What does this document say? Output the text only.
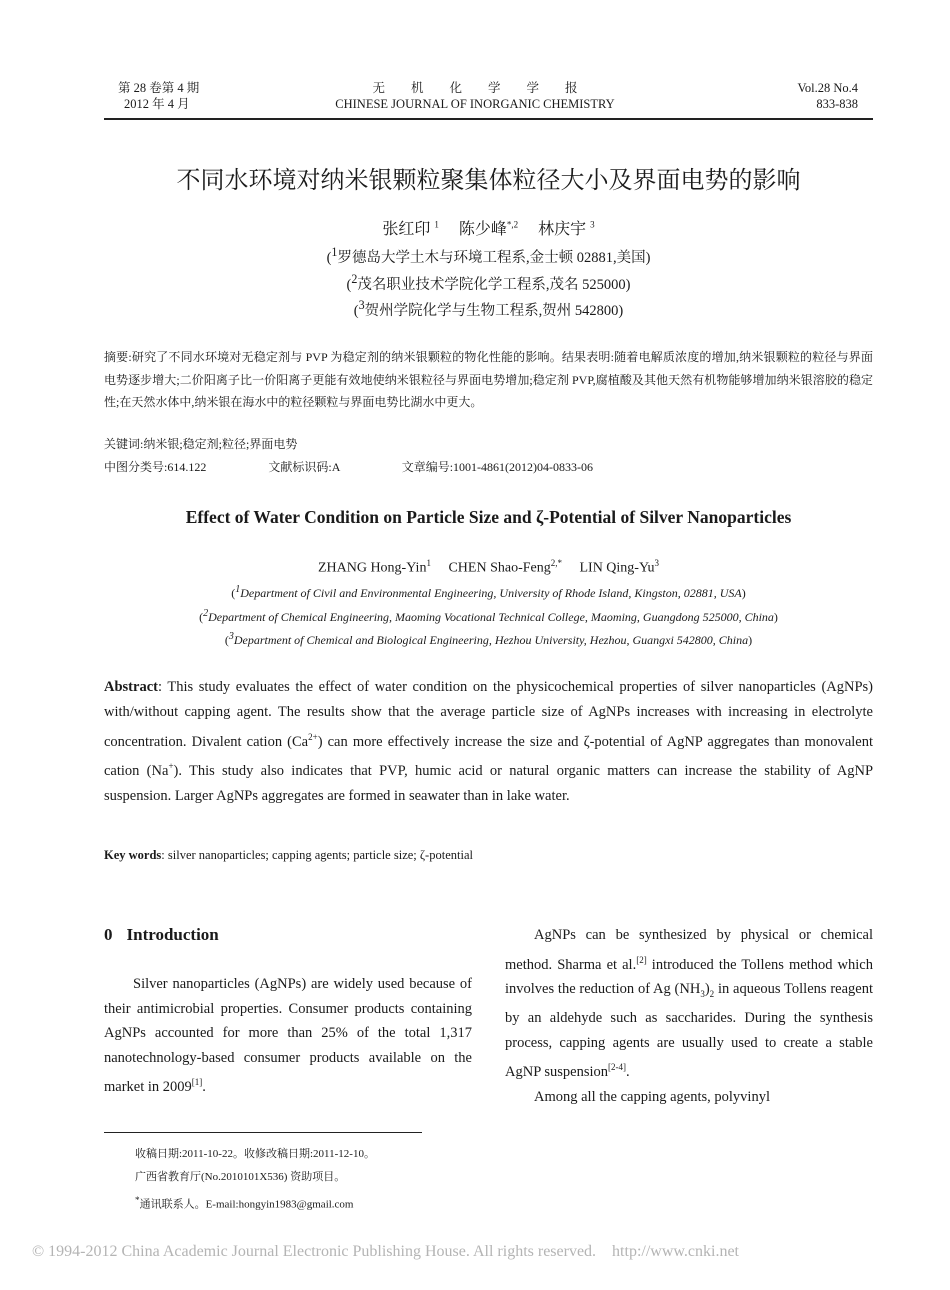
第 28 卷第 4 期
2012 年 4 月
无机化学学报
CHINESE JOURNAL OF INORGANIC CHEMISTRY
Vol.28 No.4
833-838
不同水环境对纳米银颗粒聚集体粒径大小及界面电势的影响
张红印 $^1$ 陈少峰$^{*,2}$ 林庆宇 $^3$
($^1$罗德岛大学土木与环境工程系,金士顿 02881,美国)
($^2$茂名职业技术学院化学工程系,茂名 525000)
($^3$贺州学院化学与生物工程系,贺州 542800)
摘要:研究了不同水环境对无稳定剂与 PVP 为稳定剂的纳米银颗粒的物化性能的影响。结果表明:随着电解质浓度的增加,纳米银颗粒的粒径与界面电势逐步增大;二价阳离子比一价阳离子更能有效地使纳米银粒径与界面电势增加;稳定剂 PVP,腐植酸及其他天然有机物能够增加纳米银溶胶的稳定性;在天然水体中,纳米银在海水中的粒径颗粒与界面电势比湖水中更大。
关键词:纳米银;稳定剂;粒径;界面电势
中图分类号:614.122	文献标识码:A	文章编号:1001-4861(2012)04-0833-06
Effect of Water Condition on Particle Size and ζ-Potential of Silver Nanoparticles
ZHANG Hong-Yin$^1$ CHEN Shao-Feng$^{2,*}$ LIN Qing-Yu$^3$
($^1$Department of Civil and Environmental Engineering, University of Rhode Island, Kingston, 02881, USA)
($^2$Department of Chemical Engineering, Maoming Vocational Technical College, Maoming, Guangdong 525000, China)
($^3$Department of Chemical and Biological Engineering, Hezhou University, Hezhou, Guangxi 542800, China)
Abstract: This study evaluates the effect of water condition on the physicochemical properties of silver nanoparticles (AgNPs) with/without capping agent. The results show that the average particle size of AgNPs increases with increasing in electrolyte concentration. Divalent cation $(Ca^{2+})$ can more effectively increase the size and ζ-potential of AgNP aggregates than monovalent cation (Na+). This study also indicates that PVP, humic acid or natural organic matters can increase the stability of AgNP suspension. Larger AgNPs aggregates are formed in seawater than in lake water.
Key words: silver nanoparticles; capping agents; particle size; ζ-potential
0 Introduction

Silver nanoparticles (AgNPs) are widely used because of their antimicrobial properties. Consumer products containing AgNPs accounted for more than 25% of the total 1,317 nanotechnology-based consumer products available on the market in 2009[1].

AgNPs can be synthesized by physical or chemical method. Sharma et al.[2] introduced the Tollens method which involves the reduction of Ag $(NH_3)_2$ in aqueous Tollens reagent by an aldehyde such as saccharides. During the synthesis process, capping agents are usually used to create a stable AgNP suspension[2-4].

Among all the capping agents, polyvinyl

收稿日期:2011-10-22。收修改稿日期:2011-12-10。
广西省教育厅(No.2010101X536) 资助项目。
*通讯联系人。E-mail:hongyin1983@gmail.com
© 1994-2012 China Academic Journal Electronic Publishing House. All rights reserved.    http://www.cnki.net
